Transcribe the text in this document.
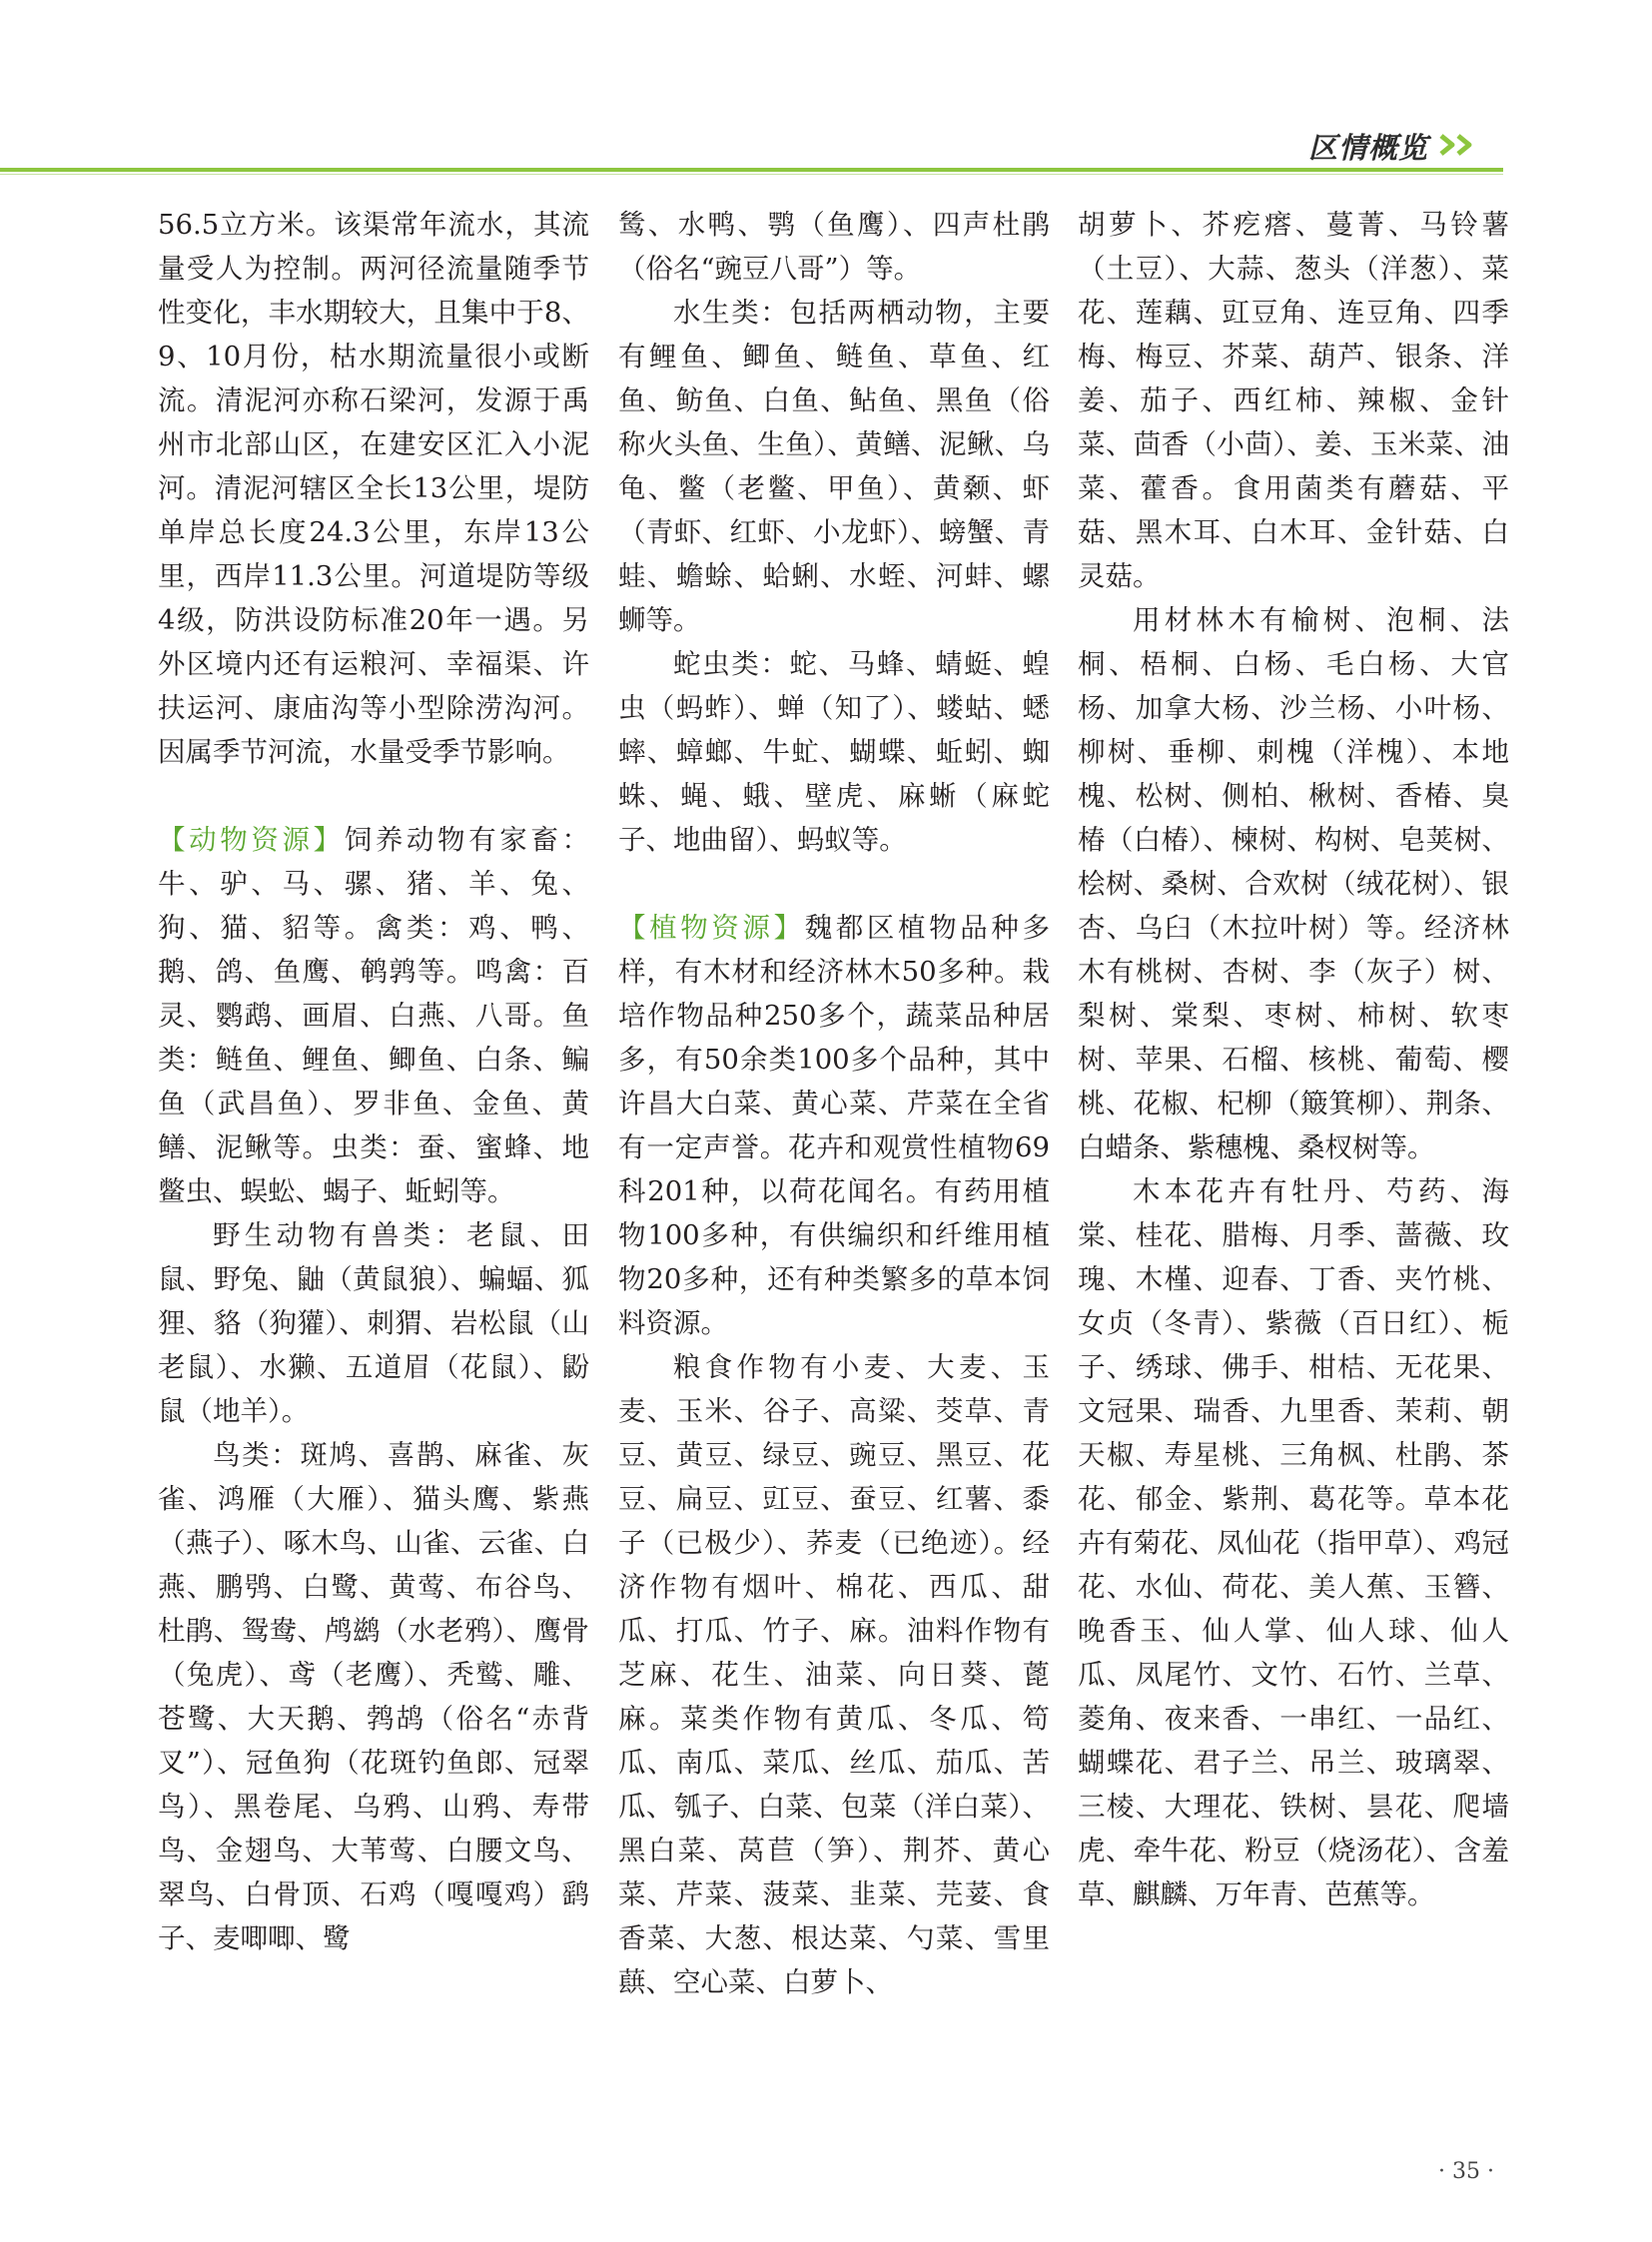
区情概览

56.5立方米。该渠常年流水，其流量受人为控制。两河径流量随季节性变化，丰水期较大，且集中于8、9、10月份，枯水期流量很小或断流。清泥河亦称石梁河，发源于禹州市北部山区，在建安区汇入小泥河。清泥河辖区全长13公里，堤防单岸总长度24.3公里，东岸13公里，西岸11.3公里。河道堤防等级4级，防洪设防标准20年一遇。另外区境内还有运粮河、幸福渠、许扶运河、康庙沟等小型除涝沟河。因属季节河流，水量受季节影响。

【动物资源】饲养动物有家畜：牛、驴、马、骡、猪、羊、兔、狗、猫、貂等。禽类：鸡、鸭、鹅、鸽、鱼鹰、鹌鹑等。鸣禽：百灵、鹦鹉、画眉、白燕、八哥。鱼类：鲢鱼、鲤鱼、鲫鱼、白条、鳊鱼（武昌鱼）、罗非鱼、金鱼、黄鳝、泥鳅等。虫类：蚕、蜜蜂、地鳖虫、蜈蚣、蝎子、蚯蚓等。

野生动物有兽类：老鼠、田鼠、野兔、鼬（黄鼠狼）、蝙蝠、狐狸、貉（狗獾）、刺猬、岩松鼠（山老鼠）、水獭、五道眉（花鼠）、鼢鼠（地羊）。

鸟类：斑鸠、喜鹊、麻雀、灰雀、鸿雁（大雁）、猫头鹰、紫燕（燕子）、啄木鸟、山雀、云雀、白燕、鹏鸮、白鹭、黄莺、布谷鸟、杜鹃、鸳鸯、鸬鹚（水老鸦）、鹰骨（兔虎）、鸢（老鹰）、秃鹫、雕、苍鹭、大天鹅、鹁鸪（俗名“赤背叉”）、冠鱼狗（花斑钓鱼郎、冠翠鸟）、黑卷尾、乌鸦、山鸦、寿带鸟、金翅鸟、大苇莺、白腰文鸟、翠鸟、白骨顶、石鸡（嘎嘎鸡）鹞子、麦唧唧、鹭

鸶、水鸭、鹗（鱼鹰）、四声杜鹃（俗名“豌豆八哥”）等。

水生类：包括两栖动物，主要有鲤鱼、鲫鱼、鲢鱼、草鱼、红鱼、鲂鱼、白鱼、鲇鱼、黑鱼（俗称火头鱼、生鱼）、黄鳝、泥鳅、乌龟、鳖（老鳖、甲鱼）、黄颡、虾（青虾、红虾、小龙虾）、螃蟹、青蛙、蟾蜍、蛤蜊、水蛭、河蚌、螺蛳等。

蛇虫类：蛇、马蜂、蜻蜓、蝗虫（蚂蚱）、蝉（知了）、蝼蛄、蟋蟀、蟑螂、牛虻、蝴蝶、蚯蚓、蜘蛛、蝇、蛾、壁虎、麻蜥（麻蛇子、地曲留）、蚂蚁等。

【植物资源】魏都区植物品种多样，有木材和经济林木50多种。栽培作物品种250多个，蔬菜品种居多，有50余类100多个品种，其中许昌大白菜、黄心菜、芹菜在全省有一定声誉。花卉和观赏性植物69科201种，以荷花闻名。有药用植物100多种，有供编织和纤维用植物20多种，还有种类繁多的草本饲料资源。

粮食作物有小麦、大麦、玉麦、玉米、谷子、高粱、茭草、青豆、黄豆、绿豆、豌豆、黑豆、花豆、扁豆、豇豆、蚕豆、红薯、黍子（已极少）、荞麦（已绝迹）。经济作物有烟叶、棉花、西瓜、甜瓜、打瓜、竹子、麻。油料作物有芝麻、花生、油菜、向日葵、蓖麻。菜类作物有黄瓜、冬瓜、笱瓜、南瓜、菜瓜、丝瓜、茄瓜、苦瓜、瓠子、白菜、包菜（洋白菜）、黑白菜、莴苣（笋）、荆芥、黄心菜、芹菜、菠菜、韭菜、芫荽、食香菜、大葱、根达菜、勺菜、雪里蕻、空心菜、白萝卜、

胡萝卜、芥疙瘩、蔓菁、马铃薯（土豆）、大蒜、葱头（洋葱）、菜花、莲藕、豇豆角、连豆角、四季梅、梅豆、芥菜、葫芦、银条、洋姜、茄子、西红柿、辣椒、金针菜、茴香（小茴）、姜、玉米菜、油菜、藿香。食用菌类有蘑菇、平菇、黑木耳、白木耳、金针菇、白灵菇。

用材林木有榆树、泡桐、法桐、梧桐、白杨、毛白杨、大官杨、加拿大杨、沙兰杨、小叶杨、柳树、垂柳、刺槐（洋槐）、本地槐、松树、侧柏、楸树、香椿、臭椿（白椿）、楝树、构树、皂荚树、桧树、桑树、合欢树（绒花树）、银杏、乌臼（木拉叶树）等。经济林木有桃树、杏树、李（灰子）树、梨树、棠梨、枣树、柿树、软枣树、苹果、石榴、核桃、葡萄、樱桃、花椒、杞柳（簸箕柳）、荆条、白蜡条、紫穗槐、桑杈树等。

木本花卉有牡丹、芍药、海棠、桂花、腊梅、月季、蔷薇、玫瑰、木槿、迎春、丁香、夹竹桃、女贞（冬青）、紫薇（百日红）、栀子、绣球、佛手、柑桔、无花果、文冠果、瑞香、九里香、茉莉、朝天椒、寿星桃、三角枫、杜鹃、茶花、郁金、紫荆、葛花等。草本花卉有菊花、凤仙花（指甲草）、鸡冠花、水仙、荷花、美人蕉、玉簪、晚香玉、仙人掌、仙人球、仙人瓜、凤尾竹、文竹、石竹、兰草、菱角、夜来香、一串红、一品红、蝴蝶花、君子兰、吊兰、玻璃翠、三棱、大理花、铁树、昙花、爬墙虎、牵牛花、粉豆（烧汤花）、含羞草、麒麟、万年青、芭蕉等。

· 35 ·
